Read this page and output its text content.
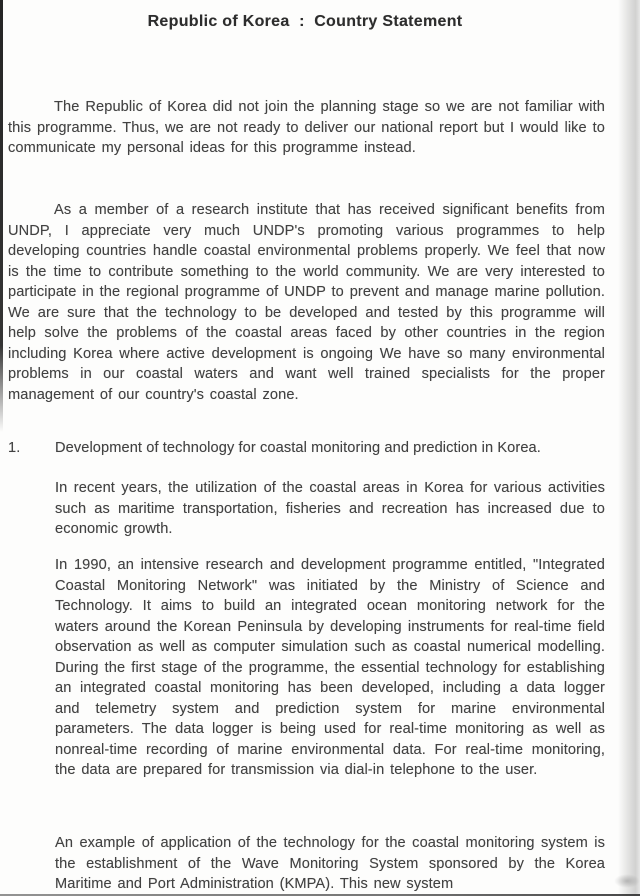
Republic of Korea  :  Country Statement

The Republic of Korea did not join the planning stage so we are not familiar with this programme. Thus, we are not ready to deliver our national report but I would like to communicate my personal ideas for this programme instead.

As a member of a research institute that has received significant benefits from UNDP, I appreciate very much UNDP's promoting various programmes to help developing countries handle coastal environmental problems properly. We feel that now is the time to contribute something to the world community. We are very interested to participate in the regional programme of UNDP to prevent and manage marine pollution. We are sure that the technology to be developed and tested by this programme will help solve the problems of the coastal areas faced by other countries in the region including Korea where active development is ongoing We have so many environmental problems in our coastal waters and want well trained specialists for the proper management of our country's coastal zone.

1. Development of technology for coastal monitoring and prediction in Korea.

In recent years, the utilization of the coastal areas in Korea for various activities such as maritime transportation, fisheries and recreation has increased due to economic growth.

In 1990, an intensive research and development programme entitled, "Integrated Coastal Monitoring Network" was initiated by the Ministry of Science and Technology. It aims to build an integrated ocean monitoring network for the waters around the Korean Peninsula by developing instruments for real-time field observation as well as computer simulation such as coastal numerical modelling. During the first stage of the programme, the essential technology for establishing an integrated coastal monitoring has been developed, including a data logger and telemetry system and prediction system for marine environmental parameters. The data logger is being used for real-time monitoring as well as nonreal-time recording of marine environmental data. For real-time monitoring, the data are prepared for transmission via dial-in telephone to the user.

An example of application of the technology for the coastal monitoring system is the establishment of the Wave Monitoring System sponsored by the Korea Maritime and Port Administration (KMPA). This new system
